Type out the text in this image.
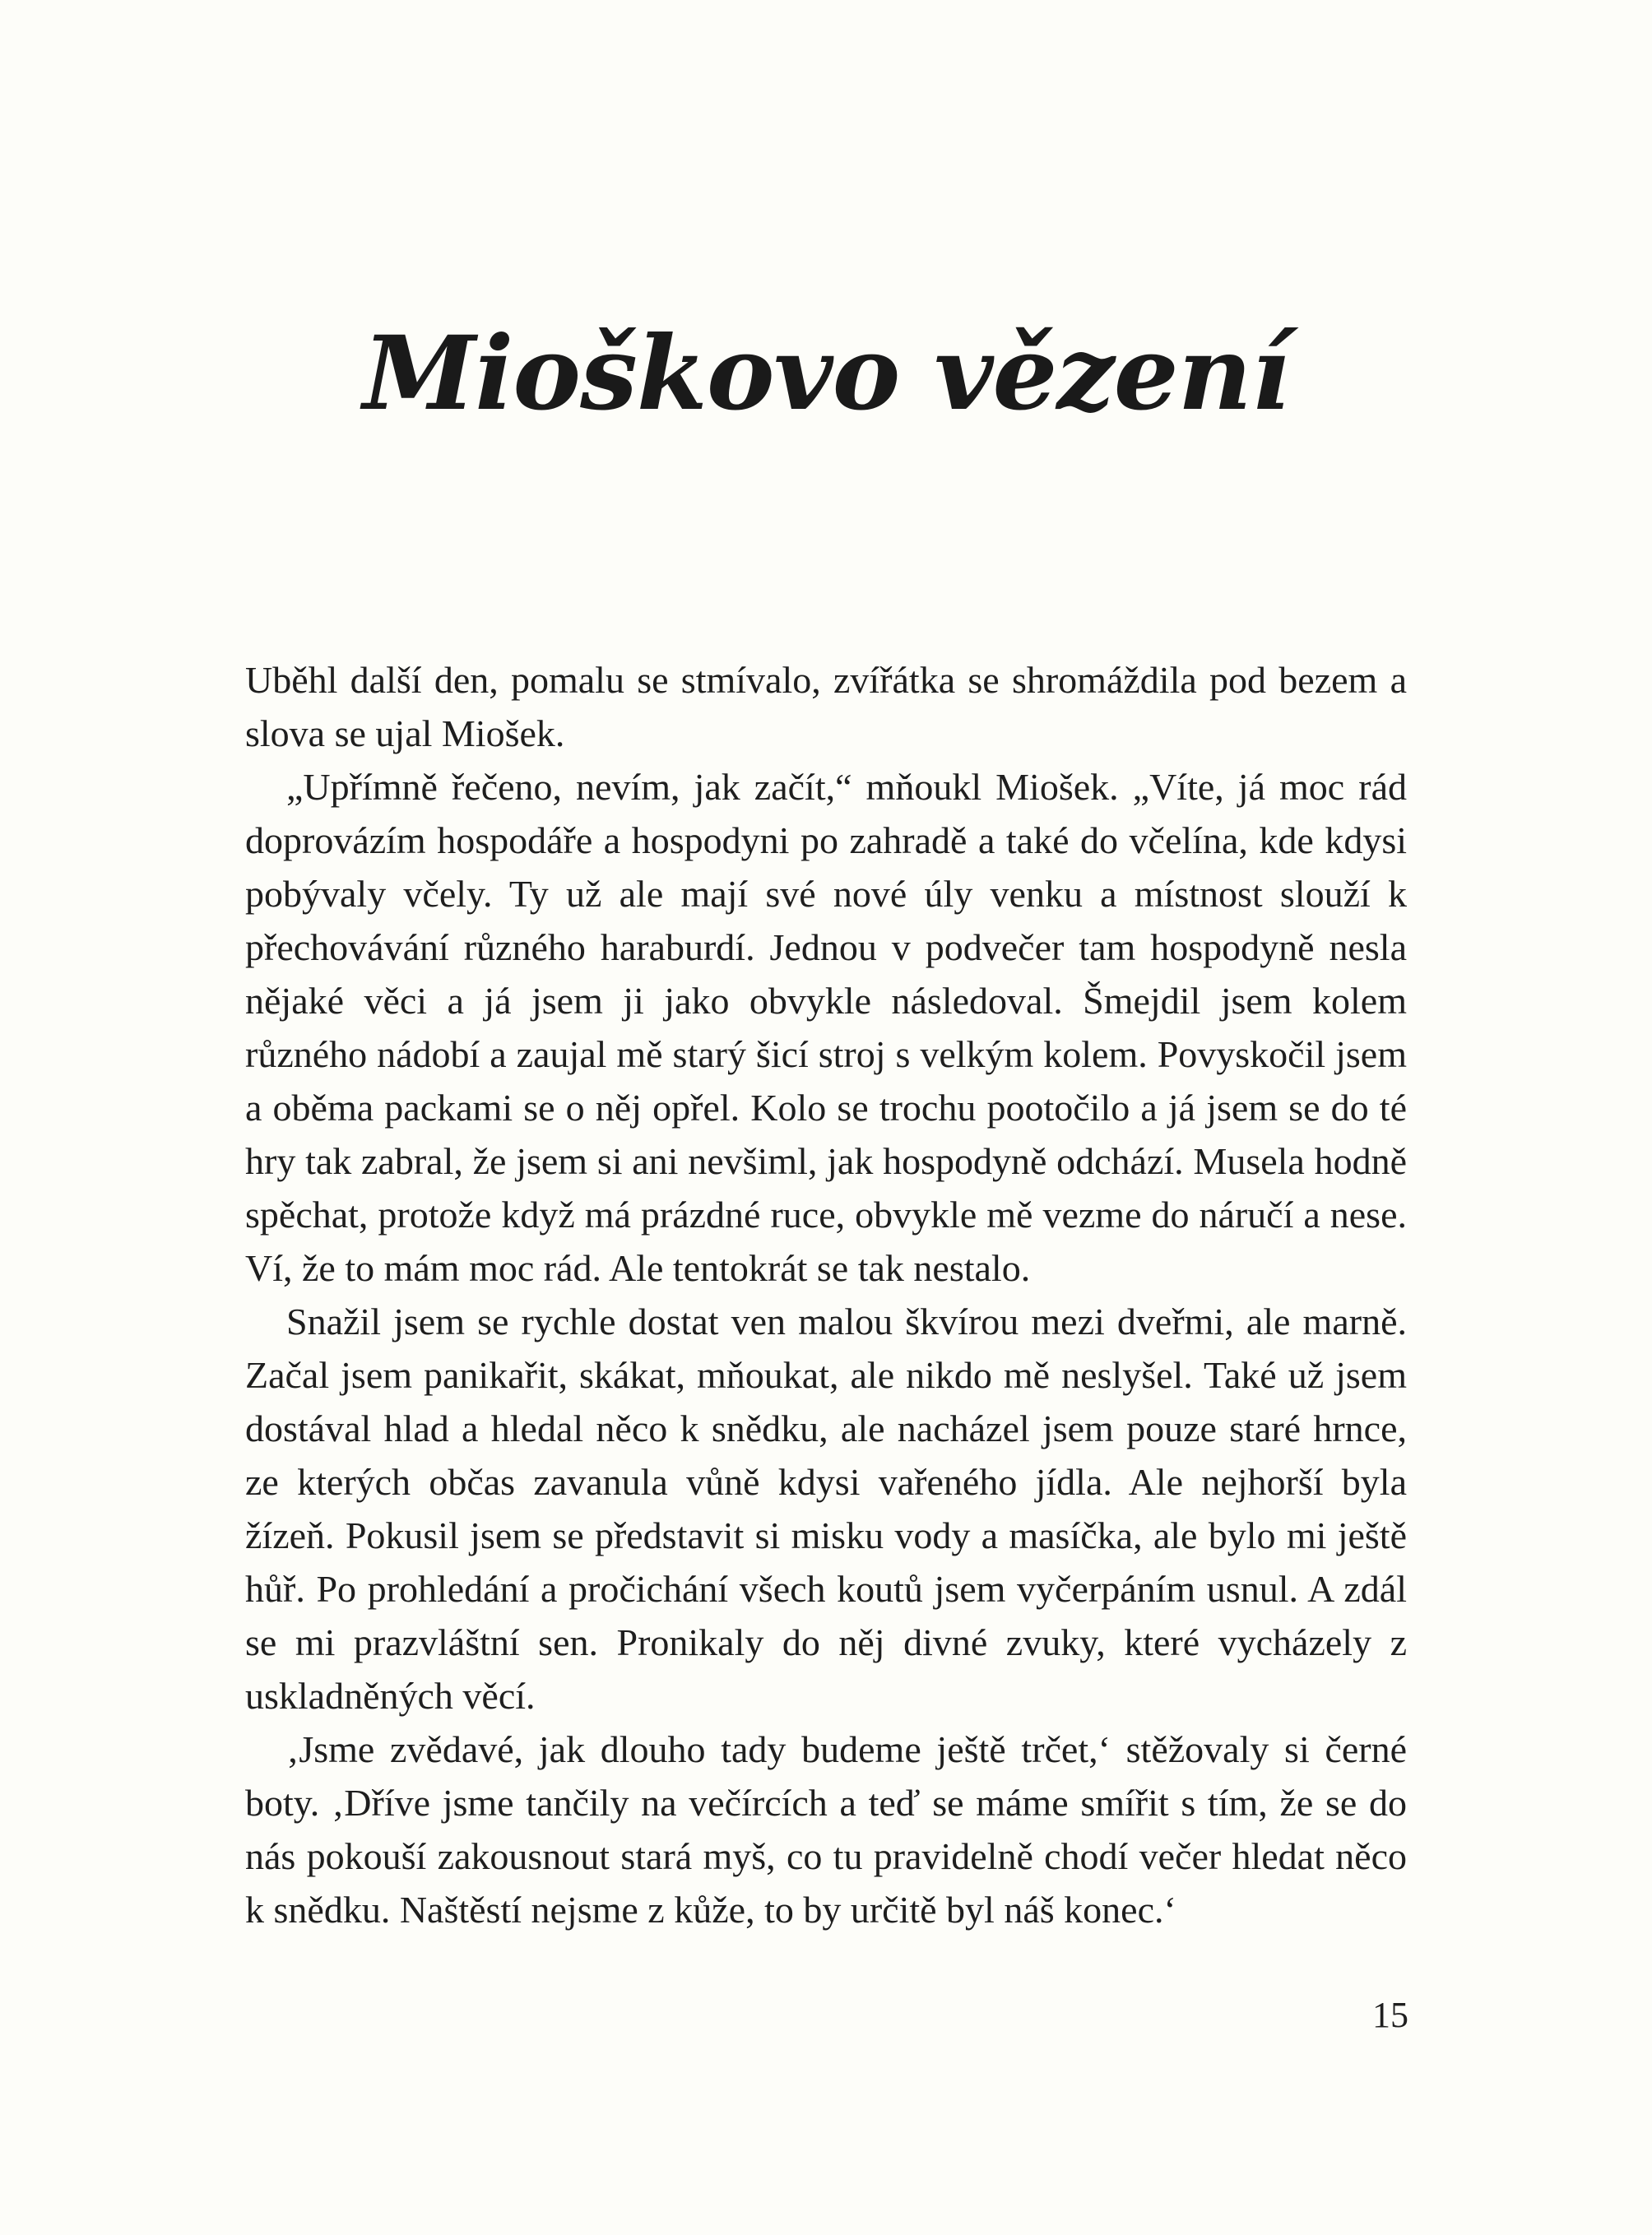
Mioškovo vězení

Uběhl další den, pomalu se stmívalo, zvířátka se shromáždila pod bezem a slova se ujal Miošek.

„Upřímně řečeno, nevím, jak začít,“ mňoukl Miošek. „Víte, já moc rád doprovázím hospodáře a hospodyni po zahradě a také do včelína, kde kdysi pobývaly včely. Ty už ale mají své nové úly venku a místnost slouží k přechovávání různého haraburdí. Jednou v podvečer tam hospodyně nesla nějaké věci a já jsem ji jako obvykle následoval. Šmejdil jsem kolem různého nádobí a zaujal mě starý šicí stroj s velkým kolem. Povyskočil jsem a oběma packami se o něj opřel. Kolo se trochu pootočilo a já jsem se do té hry tak zabral, že jsem si ani nevšiml, jak hospodyně odchází. Musela hodně spěchat, protože když má prázdné ruce, obvykle mě vezme do náručí a nese. Ví, že to mám moc rád. Ale tentokrát se tak nestalo.

Snažil jsem se rychle dostat ven malou škvírou mezi dveřmi, ale marně. Začal jsem panikařit, skákat, mňoukat, ale nikdo mě neslyšel. Také už jsem dostával hlad a hledal něco k snědku, ale nacházel jsem pouze staré hrnce, ze kterých občas zavanula vůně kdysi vařeného jídla. Ale nejhorší byla žízeň. Pokusil jsem se představit si misku vody a masíčka, ale bylo mi ještě hůř. Po prohledání a pročichání všech koutů jsem vyčerpáním usnul. A zdál se mi prazvláštní sen. Pronikaly do něj divné zvuky, které vycházely z uskladněných věcí.

‚Jsme zvědavé, jak dlouho tady budeme ještě trčet,‘ stěžovaly si černé boty. ‚Dříve jsme tančily na večírcích a teď se máme smířit s tím, že se do nás pokouší zakousnout stará myš, co tu pravidelně chodí večer hledat něco k snědku. Naštěstí nejsme z kůže, to by určitě byl náš konec.‘

15
